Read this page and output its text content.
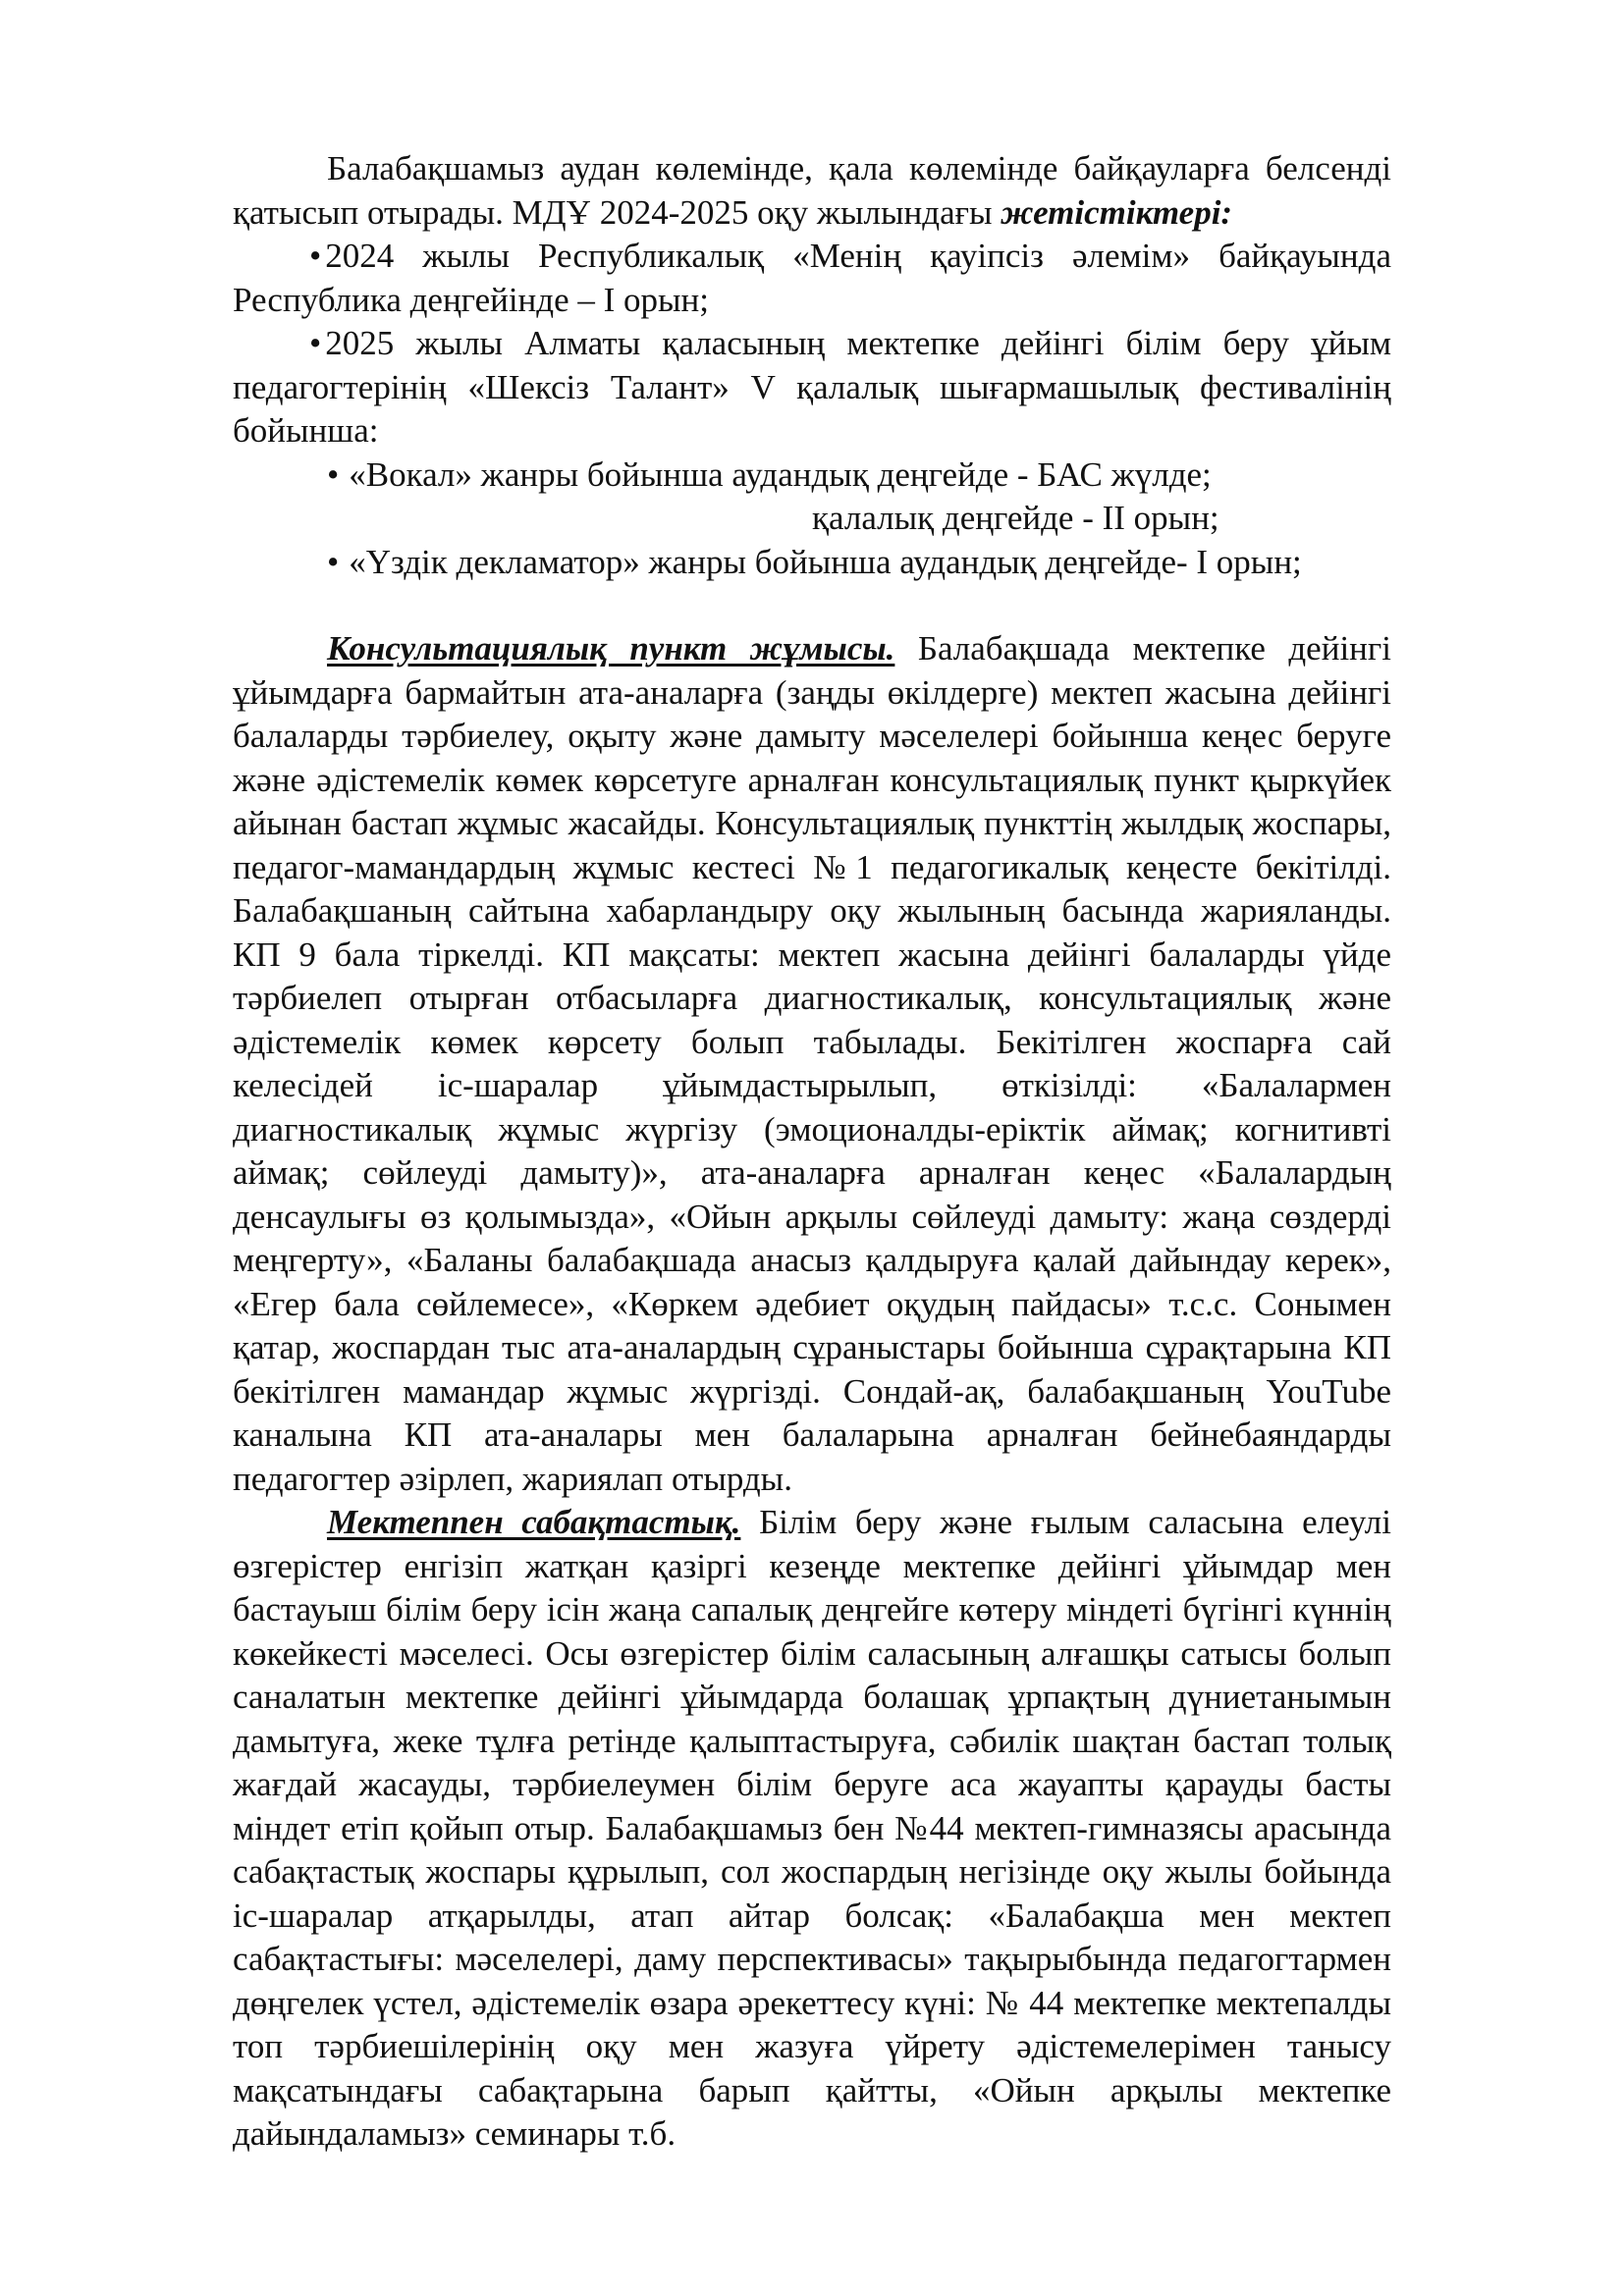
Балабақшамыз аудан көлемінде, қала көлемінде байқауларға белсенді қатысып отырады. МДҰ 2024-2025 оқу жылындағы жетістіктері:

• 2024 жылы Республикалық «Менің қауіпсіз әлемім» байқауында Республика деңгейінде – І орын;

• 2025 жылы Алматы қаласының мектепке дейінгі білім беру ұйым педагогтерінің «Шексіз Талант» V қалалық шығармашылық фестивалінің бойынша:

• «Вокал» жанры бойынша аудандық деңгейде - БАС жүлде;
қалалық деңгейде - ІІ орын;
• «Үздік декламатор» жанры бойынша аудандық деңгейде- І орын;

Консультациялық пункт жұмысы. Балабақшада мектепке дейінгі ұйымдарға бармайтын ата-аналарға (заңды өкілдерге) мектеп жасына дейінгі балаларды тәрбиелеу, оқыту және дамыту мәселелері бойынша кеңес беруге және әдістемелік көмек көрсетуге арналған консультациялық пункт қыркүйек айынан бастап жұмыс жасайды. Консультациялық пункттің жылдық жоспары, педагог-мамандардың жұмыс кестесі №1 педагогикалық кеңесте бекітілді. Балабақшаның сайтына хабарландыру оқу жылының басында жарияланды. КП 9 бала тіркелді. КП мақсаты: мектеп жасына дейінгі балаларды үйде тәрбиелеп отырған отбасыларға диагностикалық, консультациялық және әдістемелік көмек көрсету болып табылады. Бекітілген жоспарға сай келесідей іс-шаралар ұйымдастырылып, өткізілді: «Балалармен диагностикалық жұмыс жүргізу (эмоционалды-еріктік аймақ; когнитивті аймақ; сөйлеуді дамыту)», ата-аналарға арналған кеңес «Балалардың денсаулығы өз қолымызда», «Ойын арқылы сөйлеуді дамыту: жаңа сөздерді меңгерту», «Баланы балабақшада анасыз қалдыруға қалай дайындау керек», «Егер бала сөйлемесе», «Көркем әдебиет оқудың пайдасы» т.с.с. Сонымен қатар, жоспардан тыс ата-аналардың сұраныстары бойынша сұрақтарына КП бекітілген мамандар жұмыс жүргізді. Сондай-ақ, балабақшаның YouTube каналына КП ата-аналары мен балаларына арналған бейнебаяндарды педагогтер әзірлеп, жариялап отырды.

Мектеппен сабақтастық. Білім беру және ғылым саласына елеулі өзгерістер енгізіп жатқан қазіргі кезеңде мектепке дейінгі ұйымдар мен бастауыш білім беру ісін жаңа сапалық деңгейге көтеру міндеті бүгінгі күннің көкейкесті мәселесі. Осы өзгерістер білім саласының алғашқы сатысы болып саналатын мектепке дейінгі ұйымдарда болашақ ұрпақтың дүниетанымын дамытуға, жеке тұлға ретінде қалыптастыруға, сәбилік шақтан бастап толық жағдай жасауды, тәрбиелеумен білім беруге аса жауапты қарауды басты міндет етіп қойып отыр. Балабақшамыз бен №44 мектеп-гимназясы арасында сабақтастық жоспары құрылып, сол жоспардың негізінде оқу жылы бойында іс-шаралар атқарылды, атап айтар болсақ: «Балабақша мен мектеп сабақтастығы: мәселелері, даму перспективасы» тақырыбында педагогтармен дөңгелек үстел, әдістемелік өзара әрекеттесу күні: № 44 мектепке мектепалды топ тәрбиешілерінің оқу мен жазуға үйрету әдістемелерімен танысу мақсатындағы сабақтарына барып қайтты, «Ойын арқылы мектепке дайындаламыз» семинары т.б.
